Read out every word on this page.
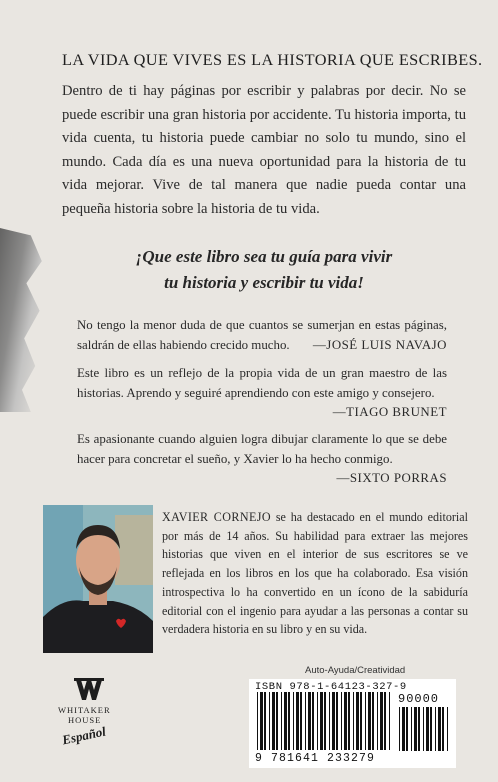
LA VIDA QUE VIVES ES LA HISTORIA QUE ESCRIBES.
Dentro de ti hay páginas por escribir y palabras por decir. No se puede escribir una gran historia por accidente. Tu historia importa, tu vida cuenta, tu historia puede cambiar no solo tu mundo, sino el mundo. Cada día es una nueva oportunidad para la historia de tu vida mejorar. Vive de tal manera que nadie pueda contar una pequeña historia sobre la historia de tu vida.
¡Que este libro sea tu guía para vivir
tu historia y escribir tu vida!
No tengo la menor duda de que cuantos se sumerjan en estas páginas, saldrán de ellas habiendo crecido mucho. —JOSÉ LUIS NAVAJO
Este libro es un reflejo de la propia vida de un gran maestro de las historias. Aprendo y seguiré aprendiendo con este amigo y consejero.
—TIAGO BRUNET
Es apasionante cuando alguien logra dibujar claramente lo que se debe hacer para concretar el sueño, y Xavier lo ha hecho conmigo.
—SIXTO PORRAS
XAVIER CORNEJO se ha destacado en el mundo editorial por más de 14 años. Su habilidad para extraer las mejores historias que viven en el interior de sus escritores se ve reflejada en los libros en los que ha colaborado. Esa visión introspectiva lo ha convertido en un ícono de la sabiduría editorial con el ingenio para ayudar a las personas a contar su verdadera historia en su libro y en su vida.
WHITAKER
HOUSE
Español
Auto-Ayuda/Creatividad
ISBN 978-1-64123-327-9
90000
9 781641 233279
